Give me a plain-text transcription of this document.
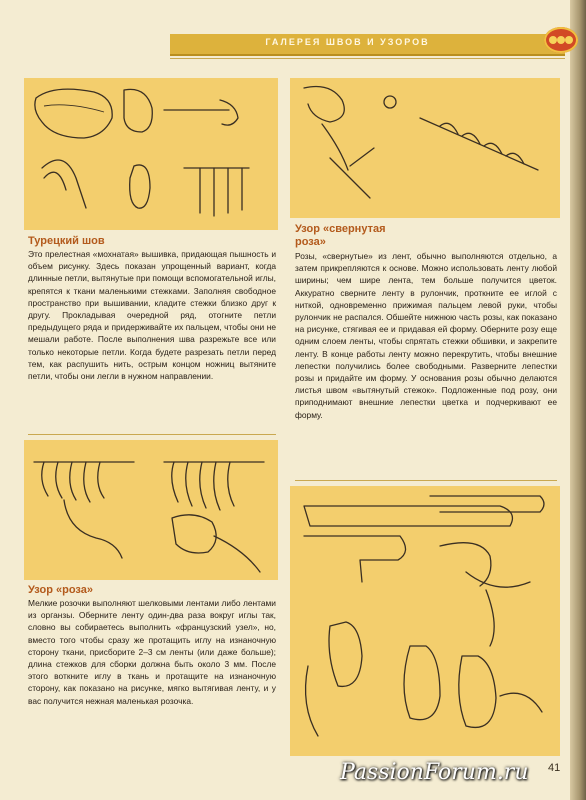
ГАЛЕРЕЯ ШВОВ И УЗОРОВ
Турецкий шов
Это прелестная «мохнатая» вышивка, придающая пышность и объем рисунку. Здесь показан упрощенный вариант, когда длинные петли, вытянутые при помощи вспомогательной иглы, крепятся к ткани маленькими стежками. Заполняя свободное пространство при вышивании, кладите стежки близко друг к другу. Прокладывая очередной ряд, отогните петли предыдущего ряда и придерживайте их пальцем, чтобы они не мешали работе. После выполнения шва разрежьте все или только некоторые петли. Когда будете разрезать петли перед тем, как распушить нить, острым концом ножниц вытяните петли, чтобы они легли в нужном направлении.
Узор «роза»
Мелкие розочки выполняют шелковыми лентами либо лентами из органзы. Оберните ленту один-два раза вокруг иглы так, словно вы собираетесь выполнить «французский узел», но, вместо того чтобы сразу же протащить иглу на изнаночную сторону ткани, присборите 2–3 см ленты (или даже больше); длина стежков для сборки должна быть около 3 мм. После этого воткните иглу в ткань и протащите на изнаночную сторону, как показано на рисунке, мягко вытягивая ленту, и у вас получится нежная маленькая розочка.
Узор «свернутая
роза»
Розы, «свернутые» из лент, обычно выполняются отдельно, а затем прикрепляются к основе. Можно использовать ленту любой ширины; чем шире лента, тем больше получится цветок. Аккуратно сверните ленту в рулончик, проткните ее иглой с ниткой, одновременно прижимая пальцем левой руки, чтобы рулончик не распался. Обшейте нижнюю часть розы, как показано на рисунке, стягивая ее и придавая ей форму. Оберните розу еще одним слоем ленты, чтобы спрятать стежки обшивки, и закрепите ленту. В конце работы ленту можно перекрутить, чтобы внешние лепестки получились более свободными. Разверните лепестки розы и придайте им форму. У основания розы обычно делаются листья швом «вытянутый стежок». Подложенные под розу, они приподнимают внешние лепестки цветка и подчеркивают ее форму.
PassionForum.ru 41
